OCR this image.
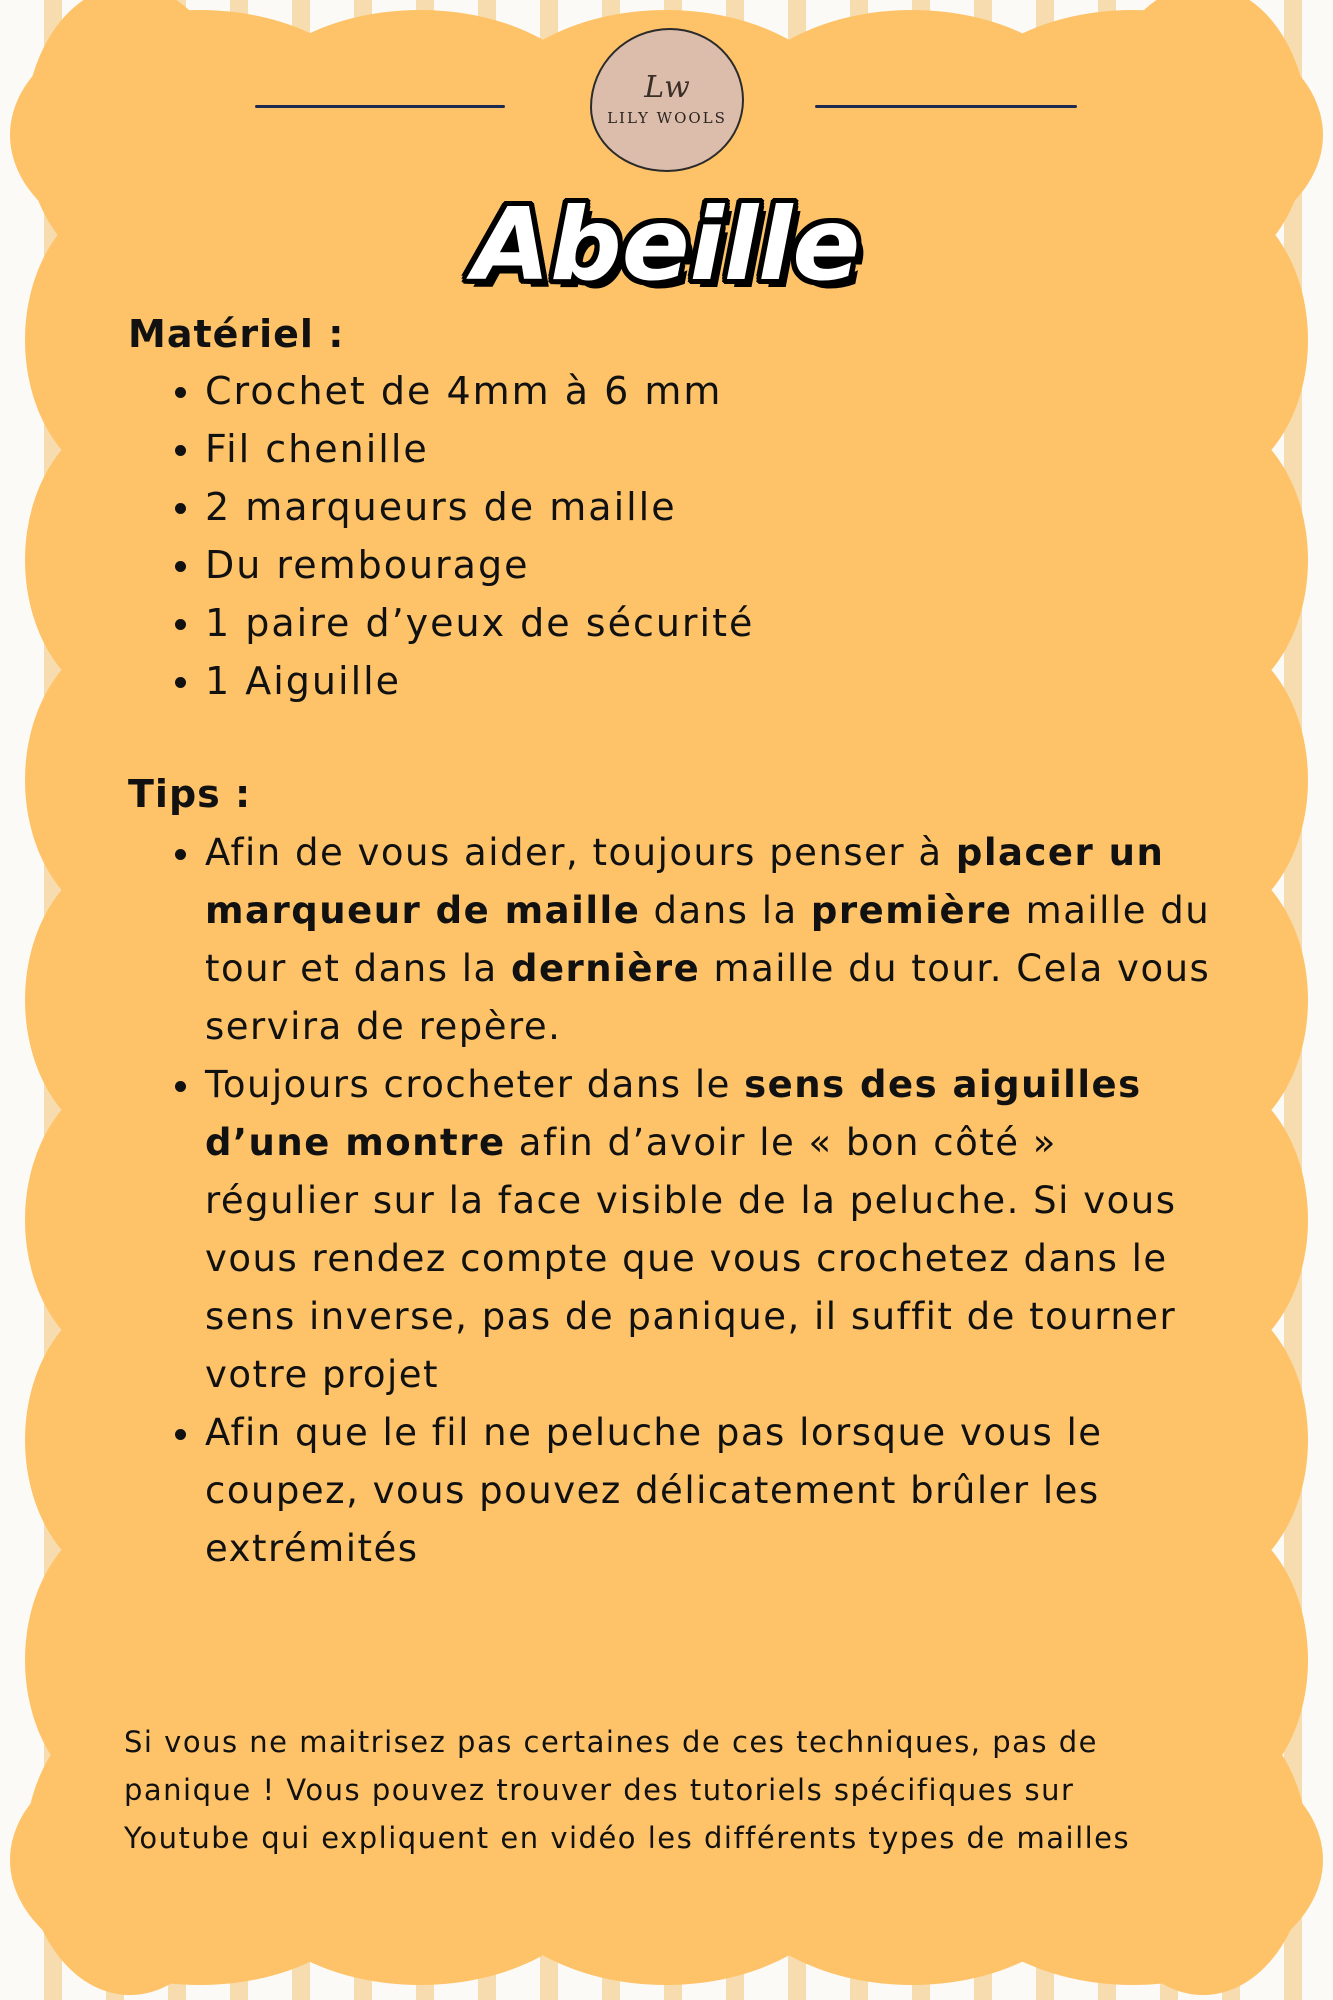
Lw
LILY WOOLS
Abeille
Matériel :
Crochet de 4mm à 6 mm
Fil chenille
2 marqueurs de maille
Du rembourage
1 paire d’yeux de sécurité
1 Aiguille
Tips :
Afin de vous aider, toujours penser à placer un marqueur de maille dans la première maille du tour et dans la dernière maille du tour. Cela vous servira de repère.
Toujours crocheter dans le sens des aiguilles d’une montre afin d’avoir le « bon côté » régulier sur la face visible de la peluche. Si vous vous rendez compte que vous crochetez dans le sens inverse, pas de panique, il suffit de tourner votre projet
Afin que le fil ne peluche pas lorsque vous le coupez, vous pouvez délicatement brûler les extrémités
Si vous ne maitrisez pas certaines de ces techniques, pas de panique ! Vous pouvez trouver des tutoriels spécifiques sur Youtube qui expliquent en vidéo les différents types de mailles
